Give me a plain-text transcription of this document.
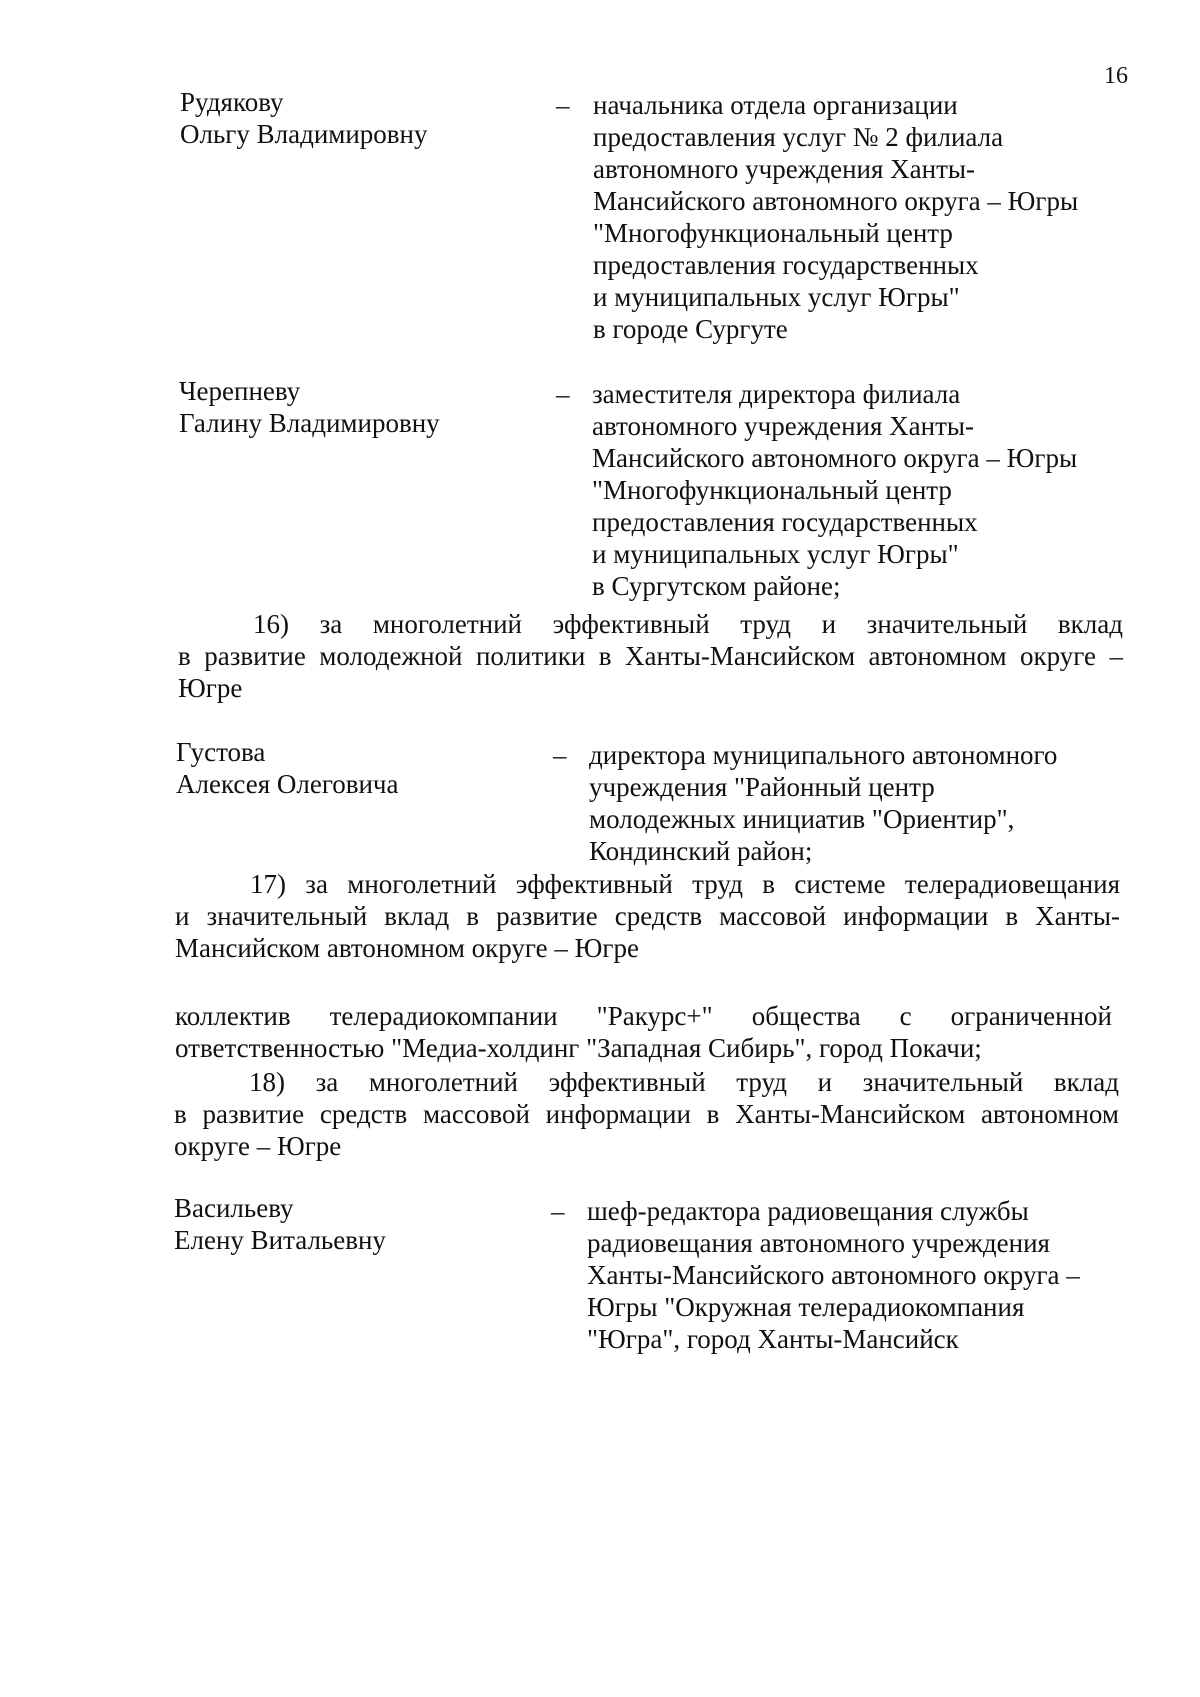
16
Рудякову
Ольгу Владимировну
– начальника отдела организации
предоставления услуг № 2 филиала
автономного учреждения Ханты-
Мансийского автономного округа – Югры
"Многофункциональный центр
предоставления государственных
и муниципальных услуг Югры"
в городе Сургуте
Черепневу
Галину Владимировну
– заместителя директора филиала
автономного учреждения Ханты-
Мансийского автономного округа – Югры
"Многофункциональный центр
предоставления государственных
и муниципальных услуг Югры"
в Сургутском районе;
16) за многолетний эффективный труд и значительный вклад
в развитие молодежной политики в Ханты-Мансийском автономном округе –
Югре
Густова
Алексея Олеговича
– директора муниципального автономного
учреждения "Районный центр
молодежных инициатив "Ориентир",
Кондинский район;
17) за многолетний эффективный труд в системе телерадиовещания
и значительный вклад в развитие средств массовой информации в Ханты-
Мансийском автономном округе – Югре
коллектив телерадиокомпании "Ракурс+" общества с ограниченной
ответственностью "Медиа-холдинг "Западная Сибирь", город Покачи;
18) за многолетний эффективный труд и значительный вклад
в развитие средств массовой информации в Ханты-Мансийском автономном
округе – Югре
Васильеву
Елену Витальевну
– шеф-редактора радиовещания службы
радиовещания автономного учреждения
Ханты-Мансийского автономного округа –
Югры "Окружная телерадиокомпания
"Югра", город Ханты-Мансийск
